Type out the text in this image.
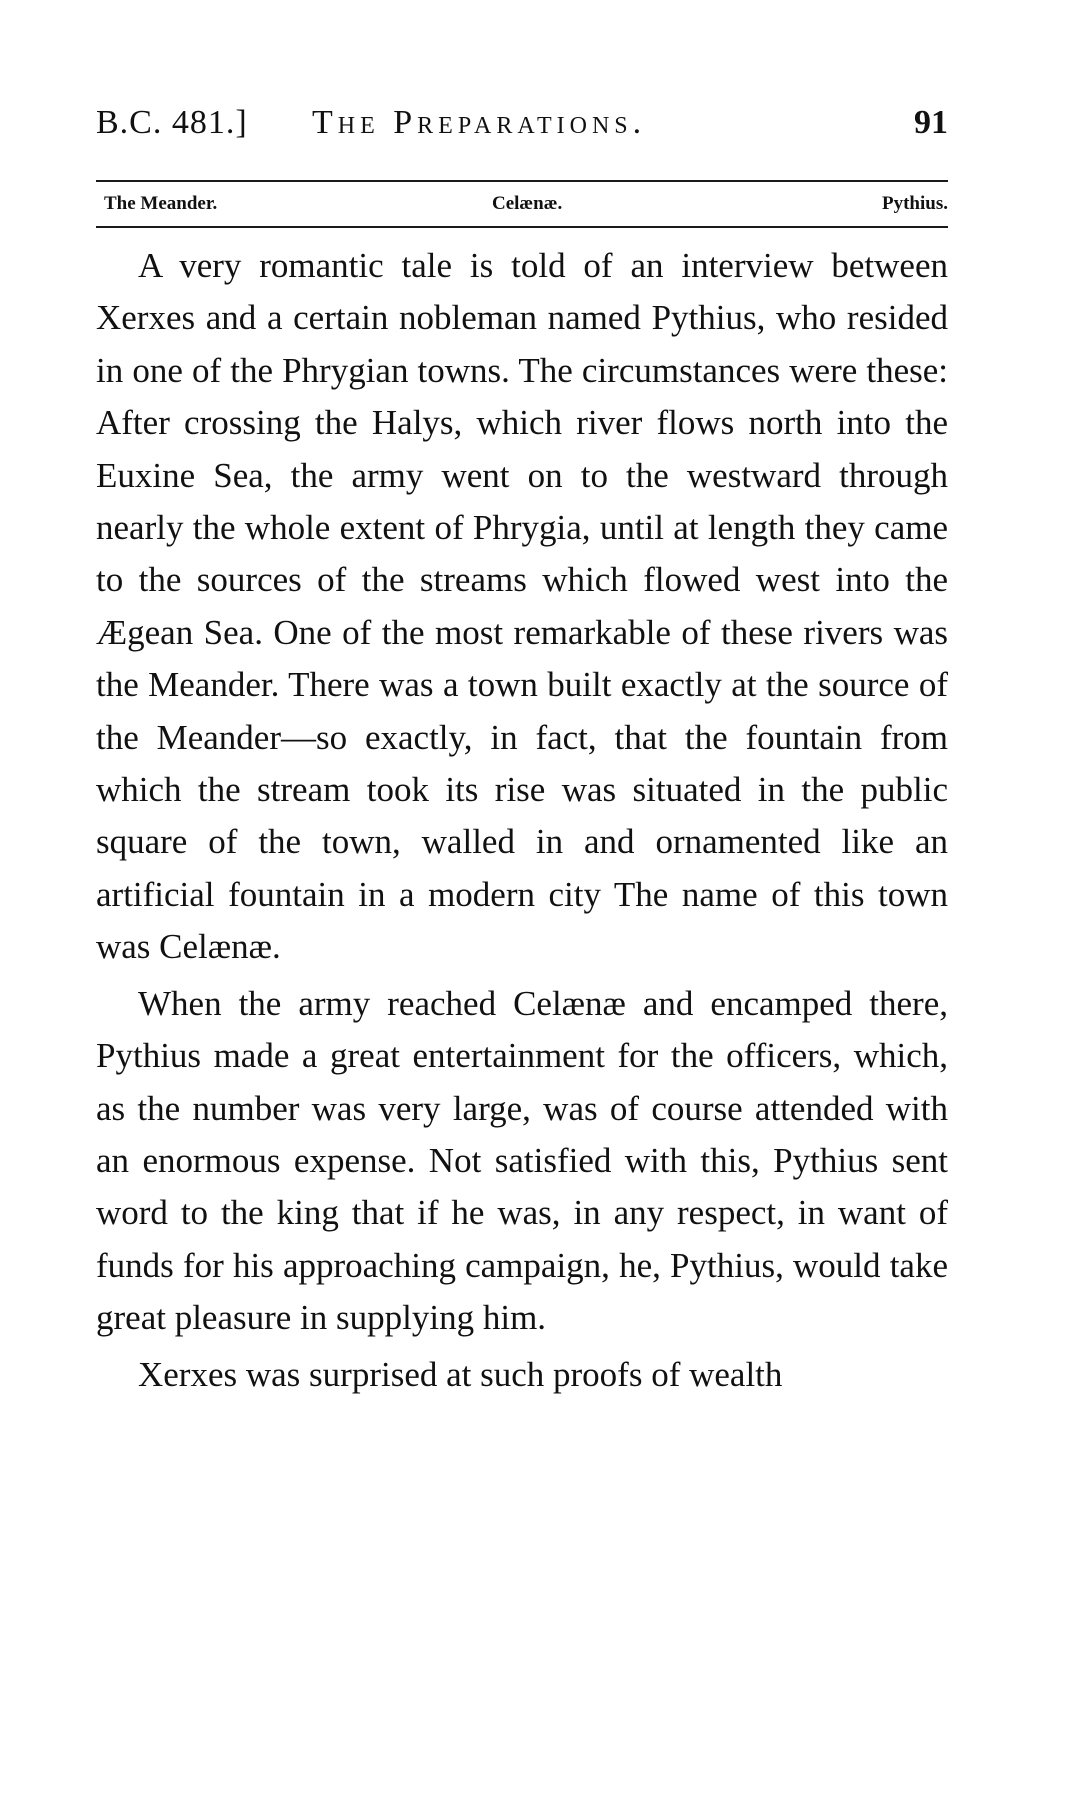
B.C. 481.] The Preparations.	91
The Meander.	Celænæ.	Pythius.

A very romantic tale is told of an interview between Xerxes and a certain nobleman named Pythius, who resided in one of the Phrygian towns. The circumstances were these: After crossing the Halys, which river flows north into the Euxine Sea, the army went on to the westward through nearly the whole extent of Phrygia, until at length they came to the sources of the streams which flowed west into the Ægean Sea. One of the most remarkable of these rivers was the Meander. There was a town built exactly at the source of the Meander—so exactly, in fact, that the fountain from which the stream took its rise was situated in the public square of the town, walled in and ornamented like an artificial fountain in a modern city The name of this town was Celænæ.

When the army reached Celænæ and encamped there, Pythius made a great entertainment for the officers, which, as the number was very large, was of course attended with an enormous expense. Not satisfied with this, Pythius sent word to the king that if he was, in any respect, in want of funds for his approaching campaign, he, Pythius, would take great pleasure in supplying him.

Xerxes was surprised at such proofs of wealth
